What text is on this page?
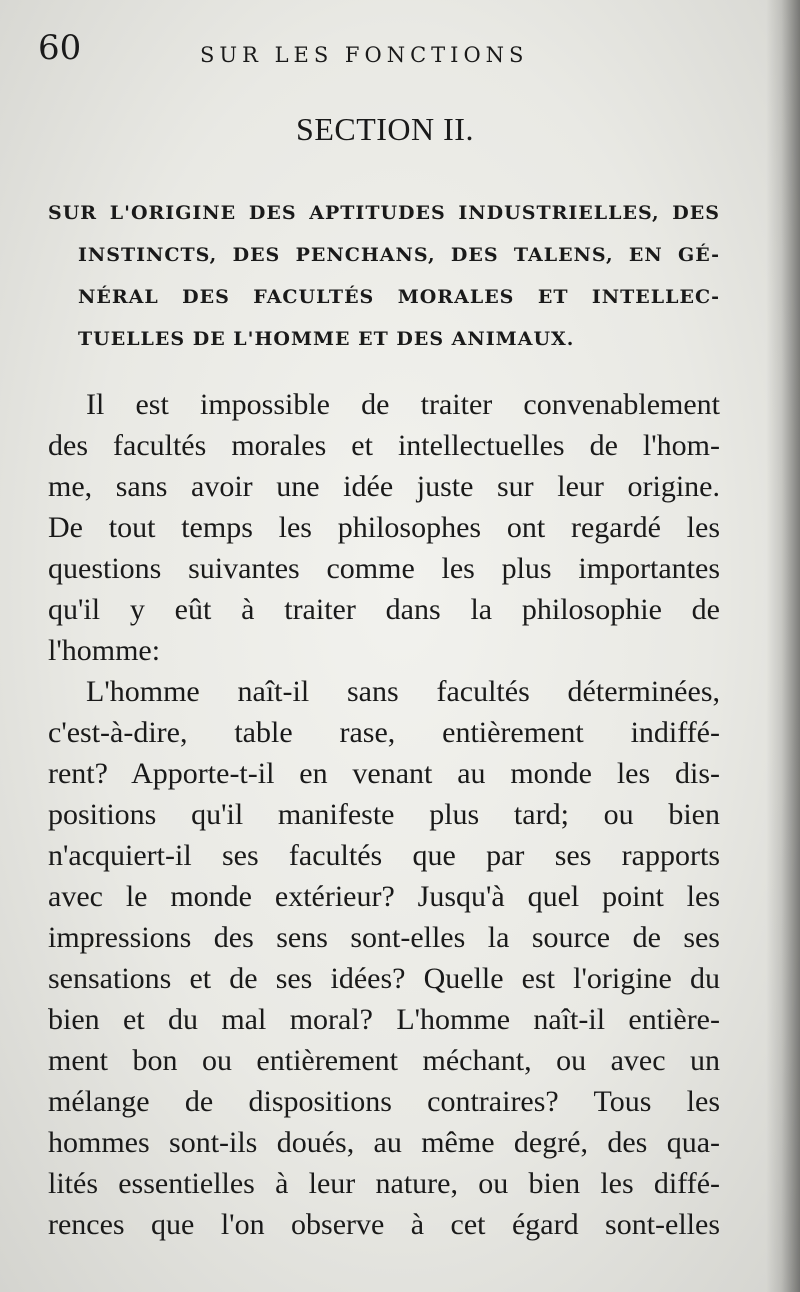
60	SUR LES FONCTIONS
SECTION II.
SUR L'ORIGINE DES APTITUDES INDUSTRIELLES, DES
INSTINCTS, DES PENCHANS, DES TALENS, EN GÉ-
NÉRAL DES FACULTÉS MORALES ET INTELLEC-
TUELLES DE L'HOMME ET DES ANIMAUX.
Il est impossible de traiter convenablement
des facultés morales et intellectuelles de l'hom-
me, sans avoir une idée juste sur leur origine.
De tout temps les philosophes ont regardé les
questions suivantes comme les plus importantes
qu'il y eût à traiter dans la philosophie de
l'homme:
L'homme naît-il sans facultés déterminées,
c'est-à-dire, table rase, entièrement indiffé-
rent? Apporte-t-il en venant au monde les dis-
positions qu'il manifeste plus tard; ou bien
n'acquiert-il ses facultés que par ses rapports
avec le monde extérieur? Jusqu'à quel point les
impressions des sens sont-elles la source de ses
sensations et de ses idées? Quelle est l'origine du
bien et du mal moral? L'homme naît-il entière-
ment bon ou entièrement méchant, ou avec un
mélange de dispositions contraires? Tous les
hommes sont-ils doués, au même degré, des qua-
lités essentielles à leur nature, ou bien les diffé-
rences que l'on observe à cet égard sont-elles
